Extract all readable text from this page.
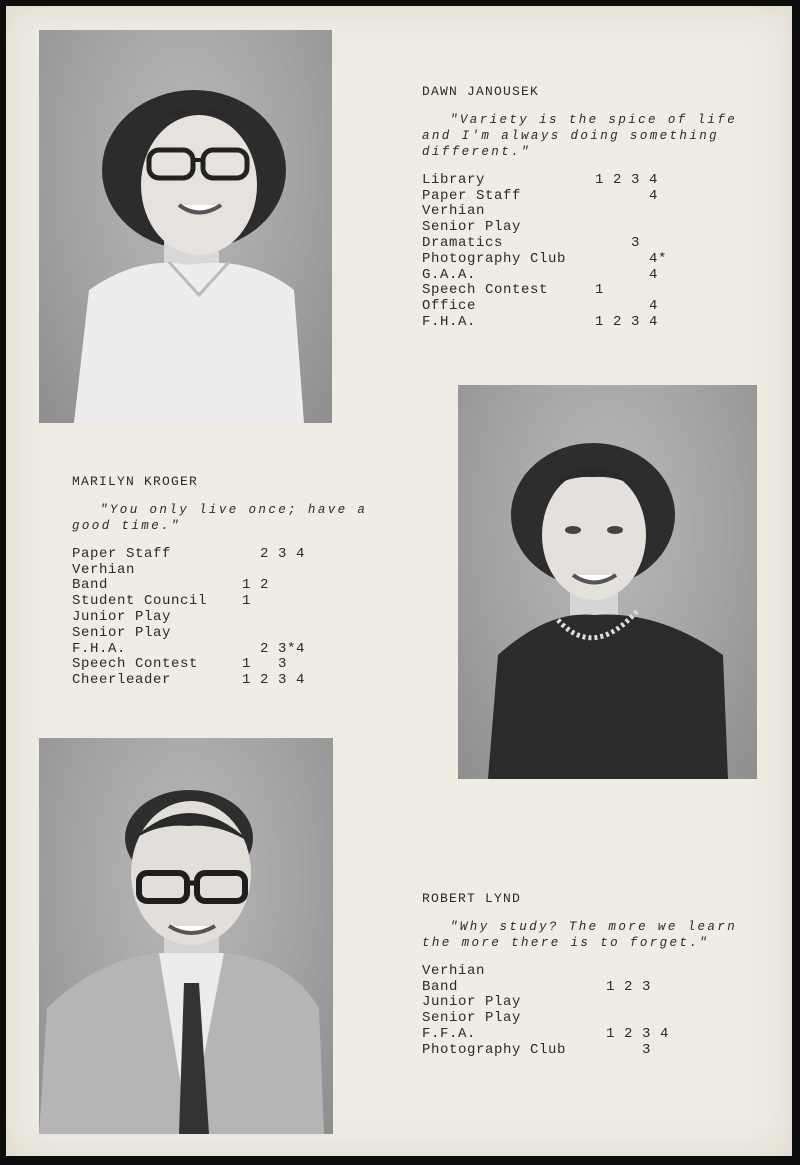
DAWN JANOUSEK
"Variety is the spice of life
and I'm always doing something
different."
Library	1 2 3 4
Paper Staff	4
Verhian
Senior Play
Dramatics	3
Photography Club 4*
G.A.A.	4
Speech Contest	1
Office	4
F.H.A.	1 2 3 4
MARILYN KROGER
"You only live once; have a
good time."
Paper Staff	2 3 4
Verhian
Band	1 2
Student Council 1
Junior Play
Senior Play
F.H.A.	2 3*4
Speech Contest	1   3
Cheerleader	1 2 3 4
ROBERT LYND
"Why study? The more we learn
the more there is to forget."
Verhian
Band	1 2 3
Junior Play
Senior Play
F.F.A.	1 2 3 4
Photography Club	3
